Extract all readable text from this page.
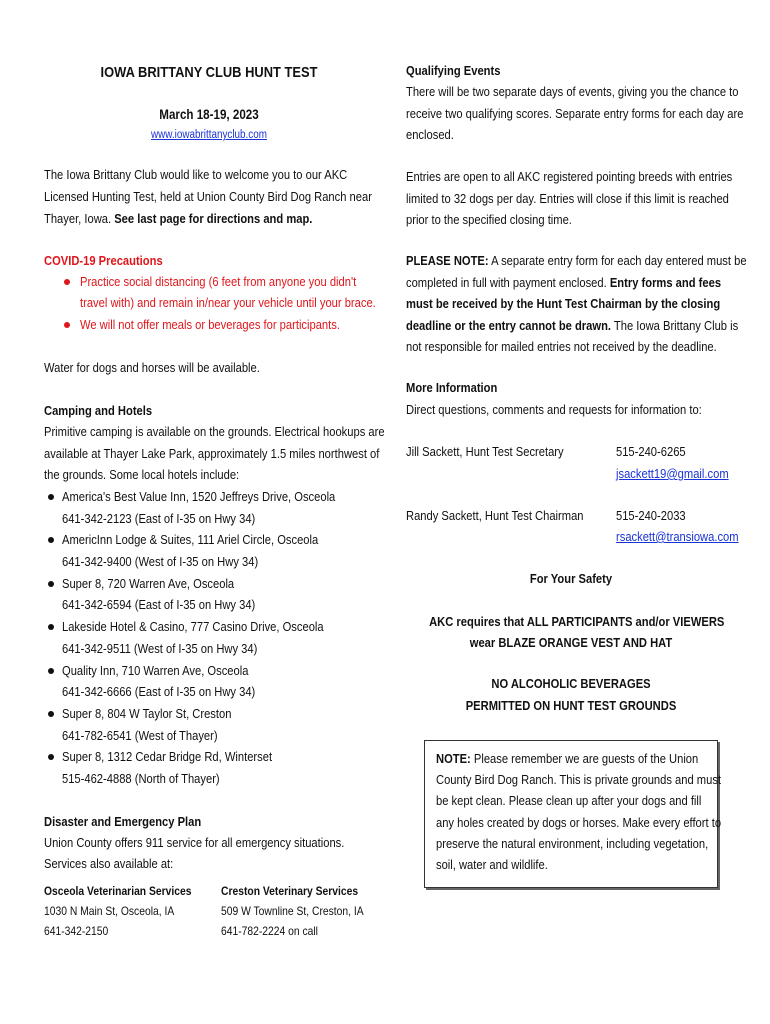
IOWA BRITTANY CLUB HUNT TEST
March 18-19, 2023
www.iowabrittanyclub.com
The Iowa Brittany Club would like to welcome you to our AKC
Licensed Hunting Test, held at Union County Bird Dog Ranch near
Thayer, Iowa. See last page for directions and map.
COVID-19 Precautions
Practice social distancing (6 feet from anyone you didn't
travel with) and remain in/near your vehicle until your brace.
We will not offer meals or beverages for participants.
Water for dogs and horses will be available.
Camping and Hotels
Primitive camping is available on the grounds. Electrical hookups are
available at Thayer Lake Park, approximately 1.5 miles northwest of
the grounds. Some local hotels include:
America's Best Value Inn, 1520 Jeffreys Drive, Osceola
641-342-2123 (East of I-35 on Hwy 34)
AmericInn Lodge & Suites, 111 Ariel Circle, Osceola
641-342-9400 (West of I-35 on Hwy 34)
Super 8, 720 Warren Ave, Osceola
641-342-6594 (East of I-35 on Hwy 34)
Lakeside Hotel & Casino, 777 Casino Drive, Osceola
641-342-9511 (West of I-35 on Hwy 34)
Quality Inn, 710 Warren Ave, Osceola
641-342-6666 (East of I-35 on Hwy 34)
Super 8, 804 W Taylor St, Creston
641-782-6541 (West of Thayer)
Super 8, 1312 Cedar Bridge Rd, Winterset
515-462-4888 (North of Thayer)
Disaster and Emergency Plan
Union County offers 911 service for all emergency situations.
Services also available at:
Osceola Veterinarian Services
1030 N Main St, Osceola, IA
641-342-2150
Creston Veterinary Services
509 W Townline St, Creston, IA
641-782-2224 on call
Qualifying Events
There will be two separate days of events, giving you the chance to
receive two qualifying scores. Separate entry forms for each day are
enclosed.
Entries are open to all AKC registered pointing breeds with entries
limited to 32 dogs per day. Entries will close if this limit is reached
prior to the specified closing time.
PLEASE NOTE: A separate entry form for each day entered must be
completed in full with payment enclosed. Entry forms and fees
must be received by the Hunt Test Chairman by the closing
deadline or the entry cannot be drawn. The Iowa Brittany Club is
not responsible for mailed entries not received by the deadline.
More Information
Direct questions, comments and requests for information to:
Jill Sackett, Hunt Test Secretary	515-240-6265
jsackett19@gmail.com
Randy Sackett, Hunt Test Chairman 515-240-2033
rsackett@transiowa.com
For Your Safety
AKC requires that ALL PARTICIPANTS and/or VIEWERS
wear BLAZE ORANGE VEST AND HAT
NO ALCOHOLIC BEVERAGES
PERMITTED ON HUNT TEST GROUNDS
NOTE: Please remember we are guests of the Union
County Bird Dog Ranch. This is private grounds and must
be kept clean. Please clean up after your dogs and fill
any holes created by dogs or horses. Make every effort to
preserve the natural environment, including vegetation,
soil, water and wildlife.
